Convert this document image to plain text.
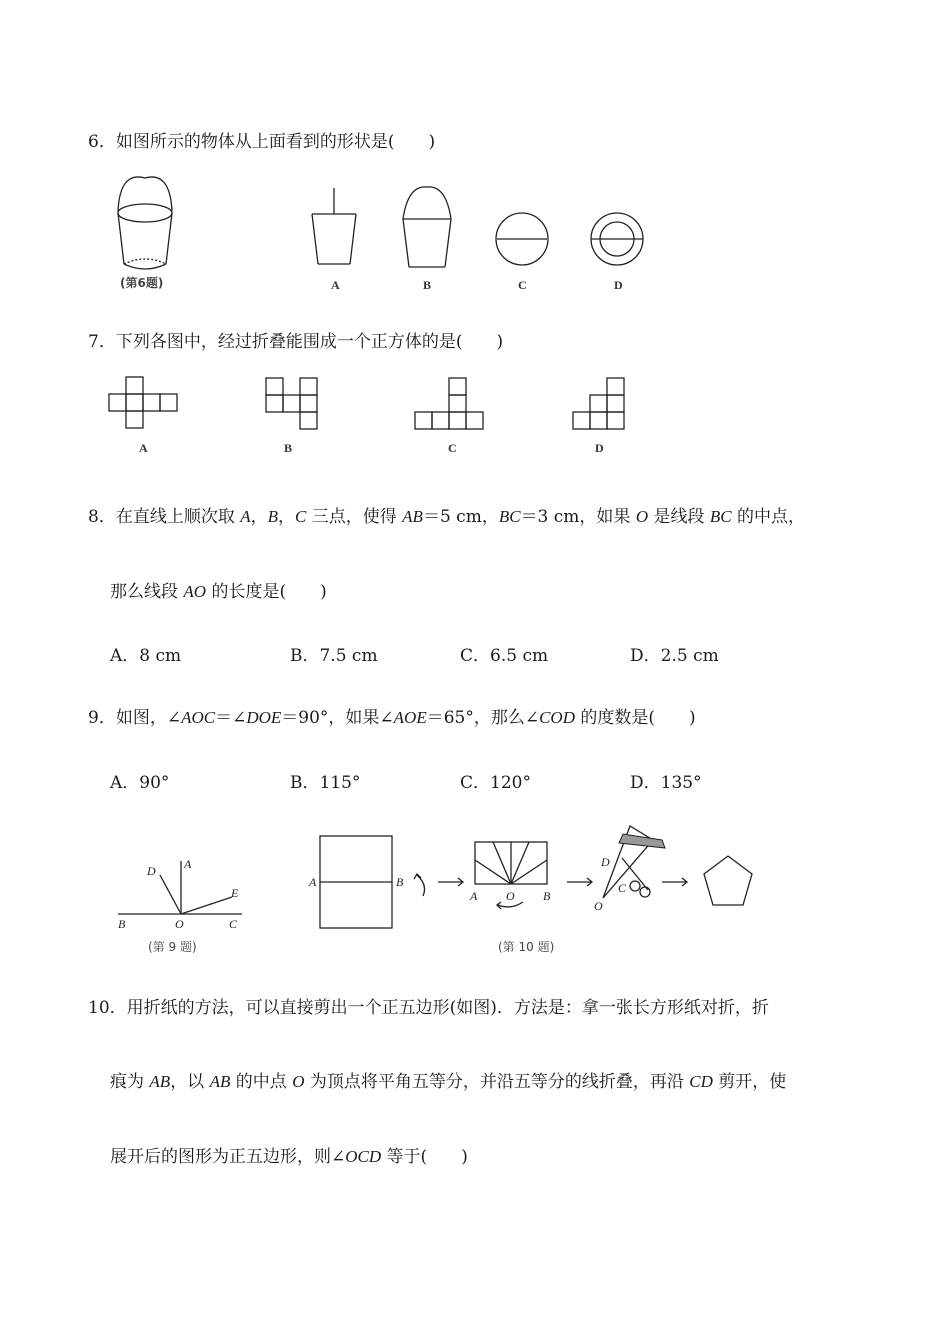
6．如图所示的物体从上面看到的形状是(　　)
(第6题)	A	B	C	D
7．下列各图中，经过折叠能围成一个正方体的是(　　)
A	B	C	D
8．在直线上顺次取 A，B，C 三点，使得 AB＝5 cm，BC＝3 cm，如果 O 是线段 BC 的中点，
那么线段 AO 的长度是(　　)
A．8 cm	B．7.5 cm	C．6.5 cm	D．2.5 cm
9．如图，∠AOC＝∠DOE＝90°，如果∠AOE＝65°，那么∠COD 的度数是(　　)
A．90°	B．115°	C．120°	D．135°
D A
E
B	O	C
(第 9 题)
A	B
A O B
D
C
O
(第 10 题)
10．用折纸的方法，可以直接剪出一个正五边形(如图)．方法是：拿一张长方形纸对折，折
痕为 AB，以 AB 的中点 O 为顶点将平角五等分，并沿五等分的线折叠，再沿 CD 剪开，使
展开后的图形为正五边形，则∠OCD 等于(　　)
